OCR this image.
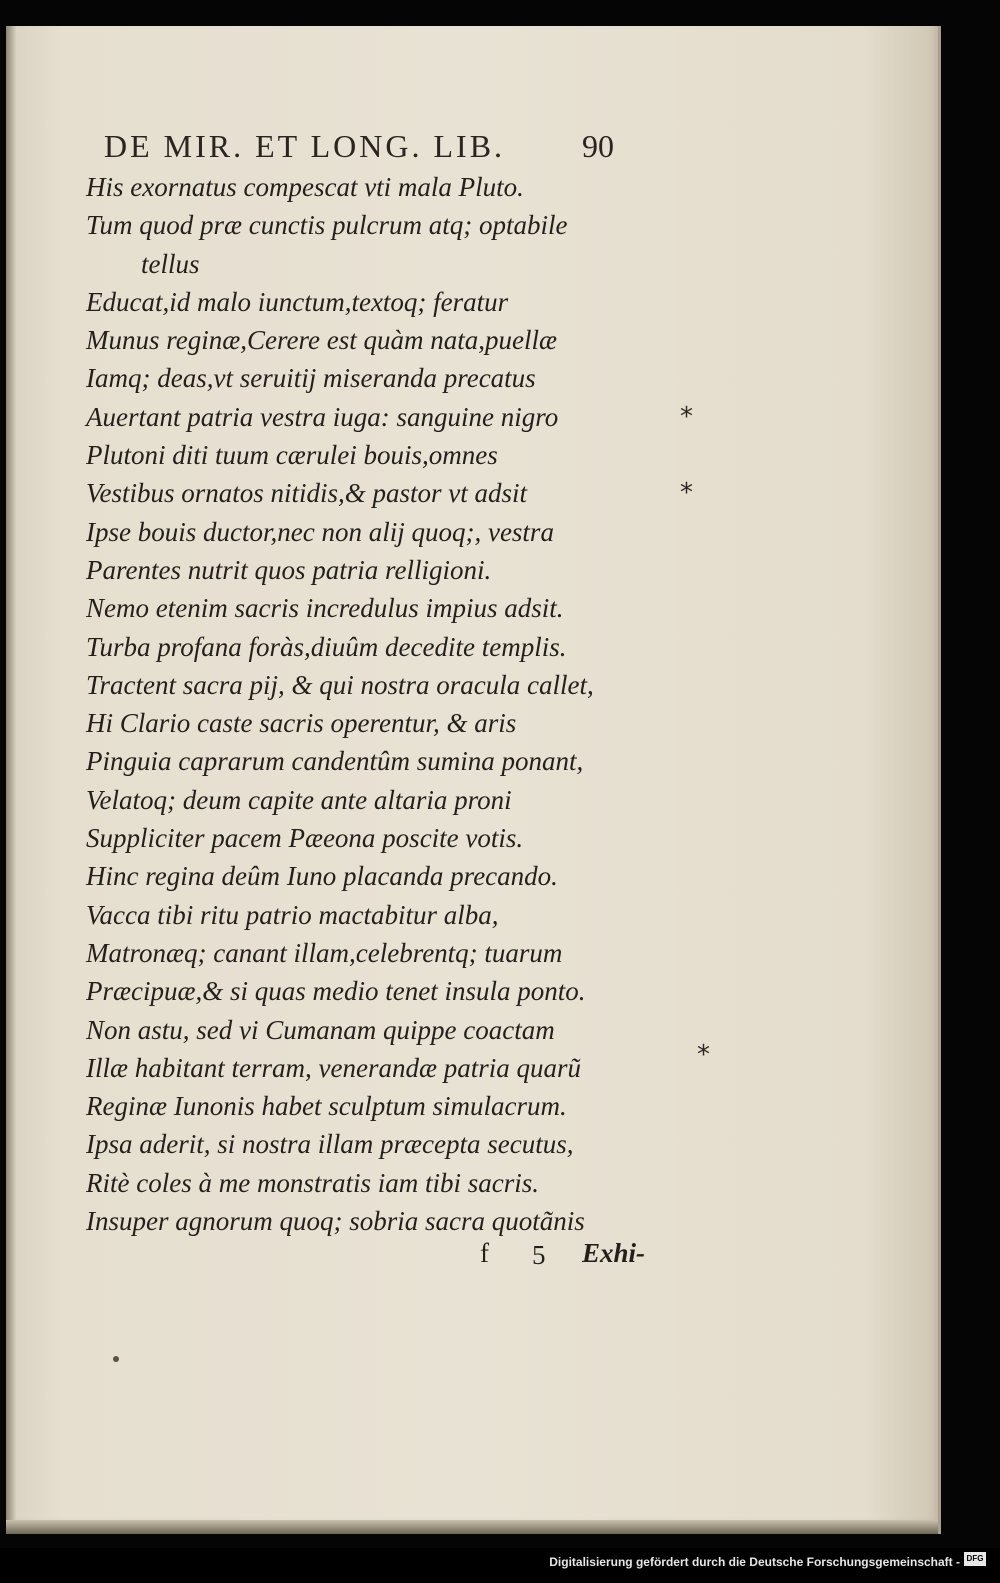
DE MIR. ET LONG. LIB. 90
His exornatus compescat vti mala Pluto.
Tum quod præ cunctis pulcrum atq; optabile
tellus
Educat,id malo iunctum,textoq; feratur
Munus reginæ,Cerere est quàm nata,puellæ
Iamq; deas,vt seruitij miseranda precatus
Auertant patria vestra iuga: sanguine nigro
Plutoni diti tuum cærulei bouis,omnes
Vestibus ornatos nitidis,& pastor vt adsit
Ipse bouis ductor,nec non alij quoq;, vestra
Parentes nutrit quos patria relligioni.
Nemo etenim sacris incredulus impius adsit.
Turba profana foràs,diuûm decedite templis.
Tractent sacra pij, & qui nostra oracula callet,
Hi Clario caste sacris operentur, & aris
Pinguia caprarum candentûm sumina ponant,
Velatoq; deum capite ante altaria proni
Suppliciter pacem Pæeona poscite votis.
Hinc regina deûm Iuno placanda precando.
Vacca tibi ritu patrio mactabitur alba,
Matronæq; canant illam,celebrentq; tuarum
Præcipuæ,& si quas medio tenet insula ponto.
Non astu, sed vi Cumanam quippe coactam
Illæ habitant terram, venerandæ patria quarũ
Reginæ Iunonis habet sculptum simulacrum.
Ipsa aderit, si nostra illam præcepta secutus,
Ritè coles à me monstratis iam tibi sacris.
Insuper agnorum quoq; sobria sacra quotãnis
*
*
*
f 5 Exhi-
Digitalisierung gefördert durch die Deutsche Forschungsgemeinschaft - DFG
